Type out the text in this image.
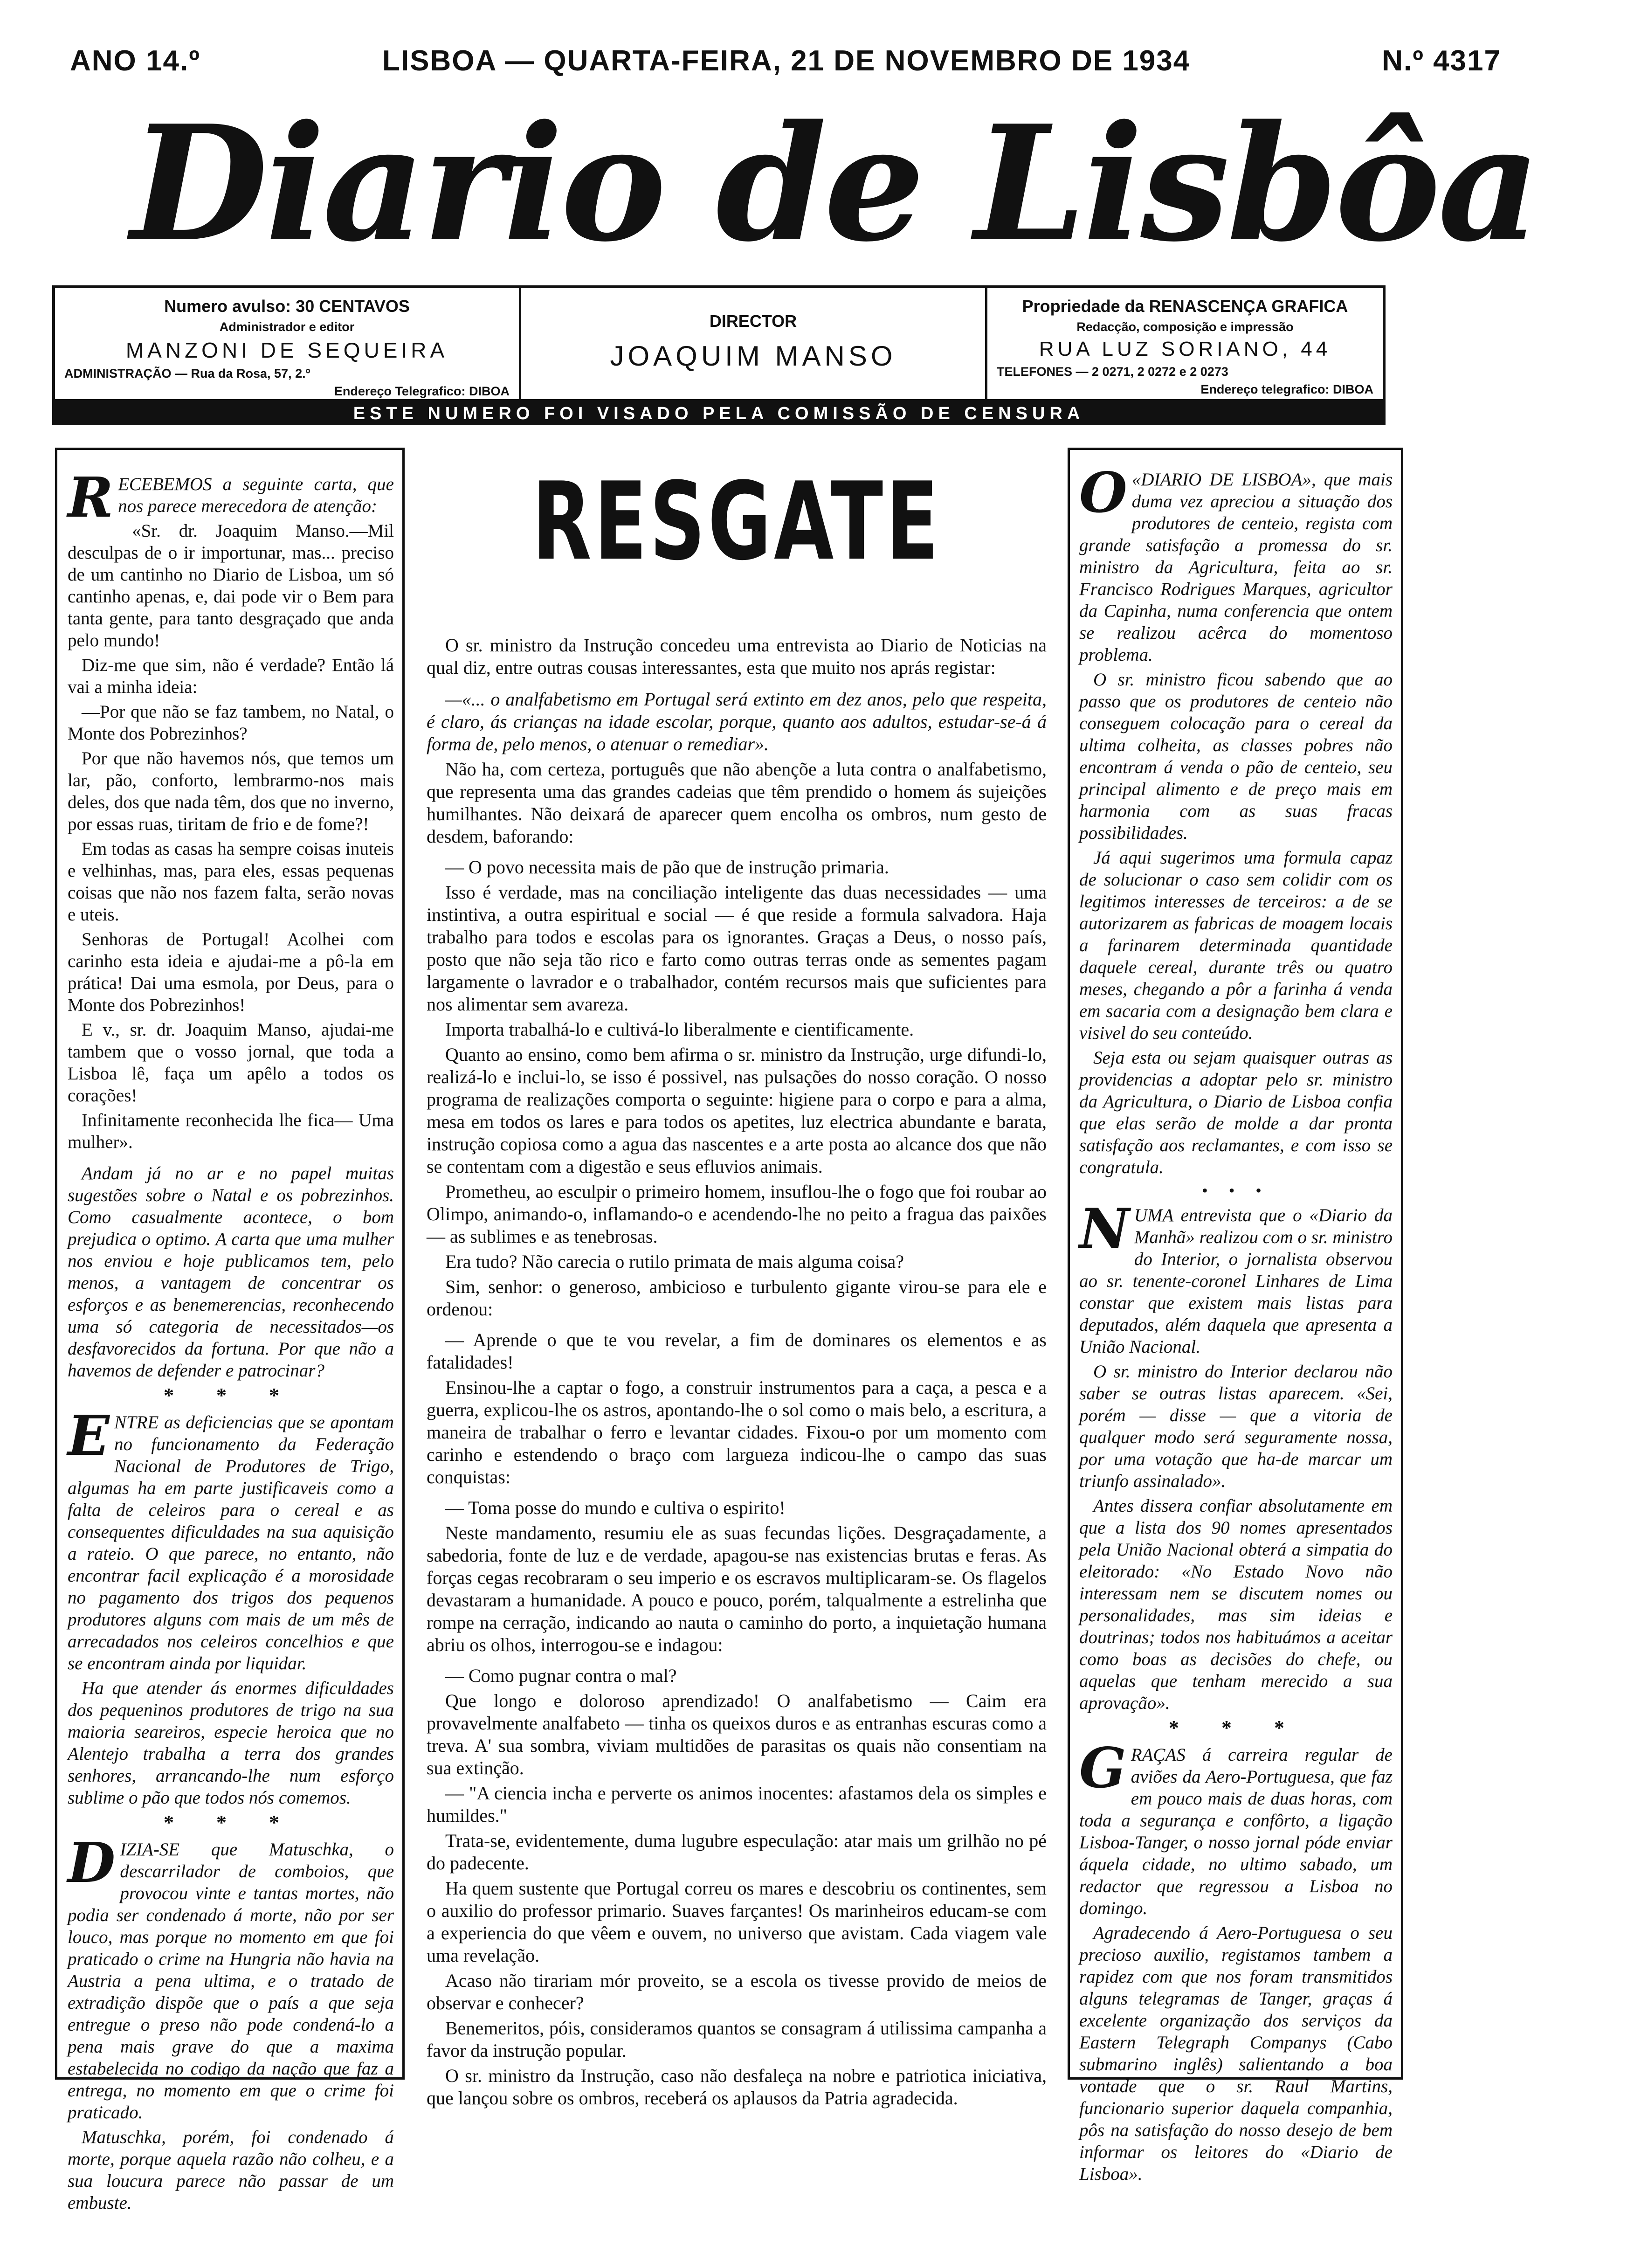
ANO 14.º	LISBOA — QUARTA-FEIRA, 21 DE NOVEMBRO DE 1934	N.º 4317
Diario de Lisbôa
Numero avulso: 30 CENTAVOS
Administrador e editor
MANZONI DE SEQUEIRA
ADMINISTRAÇÃO — Rua da Rosa, 57, 2.º
Endereço Telegrafico: DIBOA
DIRECTOR
JOAQUIM MANSO
Propriedade da RENASCENÇA GRAFICA
Redacção, composição e impressão
RUA LUZ SORIANO, 44
TELEFONES — 2 0271, 2 0272 e 2 0273
Endereço telegrafico: DIBOA
ESTE NUMERO FOI VISADO PELA COMISSÃO DE CENSURA

RECEBEMOS a seguinte carta, que nos parece merecedora de atenção:

«Sr. dr. Joaquim Manso.—Mil desculpas de o ir importunar, mas... preciso de um cantinho no Diario de Lisboa, um só cantinho apenas, e, dai pode vir o Bem para tanta gente, para tanto desgraçado que anda pelo mundo!

Diz-me que sim, não é verdade? Então lá vai a minha ideia:

—Por que não se faz tambem, no Natal, o Monte dos Pobrezinhos?

Por que não havemos nós, que temos um lar, pão, conforto, lembrarmo-nos mais deles, dos que nada têm, dos que no inverno, por essas ruas, tiritam de frio e de fome?!

Em todas as casas ha sempre coisas inuteis e velhinhas, mas, para eles, essas pequenas coisas que não nos fazem falta, serão novas e uteis.

Senhoras de Portugal! Acolhei com carinho esta ideia e ajudai-me a pô-la em prática! Dai uma esmola, por Deus, para o Monte dos Pobrezinhos!

E v., sr. dr. Joaquim Manso, ajudai-me tambem que o vosso jornal, que toda a Lisboa lê, faça um apêlo a todos os corações!

Infinitamente reconhecida lhe fica— Uma mulher».

Andam já no ar e no papel muitas sugestões sobre o Natal e os pobrezinhos. Como casualmente acontece, o bom prejudica o optimo. A carta que uma mulher nos enviou e hoje publicamos tem, pelo menos, a vantagem de concentrar os esforços e as benemerencias, reconhecendo uma só categoria de necessitados—os desfavorecidos da fortuna. Por que não a havemos de defender e patrocinar?

* * *

ENTRE as deficiencias que se apontam no funcionamento da Federação Nacional de Produtores de Trigo, algumas ha em parte justificaveis como a falta de celeiros para o cereal e as consequentes dificuldades na sua aquisição a rateio. O que parece, no entanto, não encontrar facil explicação é a morosidade no pagamento dos trigos dos pequenos produtores alguns com mais de um mês de arrecadados nos celeiros concelhios e que se encontram ainda por liquidar.

Ha que atender ás enormes dificuldades dos pequeninos produtores de trigo na sua maioria seareiros, especie heroica que no Alentejo trabalha a terra dos grandes senhores, arrancando-lhe num esforço sublime o pão que todos nós comemos.

* * *

DIZIA-SE que Matuschka, o descarrilador de comboios, que provocou vinte e tantas mortes, não podia ser condenado á morte, não por ser louco, mas porque no momento em que foi praticado o crime na Hungria não havia na Austria a pena ultima, e o tratado de extradição dispõe que o país a que seja entregue o preso não pode condená-lo a pena mais grave do que a maxima estabelecida no codigo da nação que faz a entrega, no momento em que o crime foi praticado.

Matuschka, porém, foi condenado á morte, porque aquela razão não colheu, e a sua loucura parece não passar de um embuste.

RESGATE

O sr. ministro da Instrução concedeu uma entrevista ao Diario de Noticias na qual diz, entre outras cousas interessantes, esta que muito nos aprás registar:

—«... o analfabetismo em Portugal será extinto em dez anos, pelo que respeita, é claro, ás crianças na idade escolar, porque, quanto aos adultos, estudar-se-á á forma de, pelo menos, o atenuar o remediar».

Não ha, com certeza, português que não abençõe a luta contra o analfabetismo, que representa uma das grandes cadeias que têm prendido o homem ás sujeições humilhantes. Não deixará de aparecer quem encolha os ombros, num gesto de desdem, baforando:

— O povo necessita mais de pão que de instrução primaria.

Isso é verdade, mas na conciliação inteligente das duas necessidades — uma instintiva, a outra espiritual e social — é que reside a formula salvadora. Haja trabalho para todos e escolas para os ignorantes. Graças a Deus, o nosso país, posto que não seja tão rico e farto como outras terras onde as sementes pagam largamente o lavrador e o trabalhador, contém recursos mais que suficientes para nos alimentar sem avareza.

Importa trabalhá-lo e cultivá-lo liberalmente e cientificamente.

Quanto ao ensino, como bem afirma o sr. ministro da Instrução, urge difundi-lo, realizá-lo e inclui-lo, se isso é possivel, nas pulsações do nosso coração. O nosso programa de realizações comporta o seguinte: higiene para o corpo e para a alma, mesa em todos os lares e para todos os apetites, luz electrica abundante e barata, instrução copiosa como a agua das nascentes e a arte posta ao alcance dos que não se contentam com a digestão e seus efluvios animais.

Prometheu, ao esculpir o primeiro homem, insuflou-lhe o fogo que foi roubar ao Olimpo, animando-o, inflamando-o e acendendo-lhe no peito a fragua das paixões — as sublimes e as tenebrosas.

Era tudo? Não carecia o rutilo primata de mais alguma coisa?

Sim, senhor: o generoso, ambicioso e turbulento gigante virou-se para ele e ordenou:

— Aprende o que te vou revelar, a fim de dominares os elementos e as fatalidades!

Ensinou-lhe a captar o fogo, a construir instrumentos para a caça, a pesca e a guerra, explicou-lhe os astros, apontando-lhe o sol como o mais belo, a escritura, a maneira de trabalhar o ferro e levantar cidades. Fixou-o por um momento com carinho e estendendo o braço com largueza indicou-lhe o campo das suas conquistas:

— Toma posse do mundo e cultiva o espirito!

Neste mandamento, resumiu ele as suas fecundas lições. Desgraçadamente, a sabedoria, fonte de luz e de verdade, apagou-se nas existencias brutas e feras. As forças cegas recobraram o seu imperio e os escravos multiplicaram-se. Os flagelos devastaram a humanidade. A pouco e pouco, porém, talqualmente a estrelinha que rompe na cerração, indicando ao nauta o caminho do porto, a inquietação humana abriu os olhos, interrogou-se e indagou:

— Como pugnar contra o mal?

Que longo e doloroso aprendizado! O analfabetismo — Caim era provavelmente analfabeto — tinha os queixos duros e as entranhas escuras como a treva. A' sua sombra, viviam multidões de parasitas os quais não consentiam na sua extinção.

— "A ciencia incha e perverte os animos inocentes: afastamos dela os simples e humildes."

Trata-se, evidentemente, duma lugubre especulação: atar mais um grilhão no pé do padecente.

Ha quem sustente que Portugal correu os mares e descobriu os continentes, sem o auxilio do professor primario. Suaves farçantes! Os marinheiros educam-se com a experiencia do que vêem e ouvem, no universo que avistam. Cada viagem vale uma revelação.

Acaso não tirariam mór proveito, se a escola os tivesse provido de meios de observar e conhecer?

Benemeritos, póis, consideramos quantos se consagram á utilissima campanha a favor da instrução popular.

O sr. ministro da Instrução, caso não desfaleça na nobre e patriotica iniciativa, que lançou sobre os ombros, receberá os aplausos da Patria agradecida.

O «DIARIO DE LISBOA», que mais duma vez apreciou a situação dos produtores de centeio, regista com grande satisfação a promessa do sr. ministro da Agricultura, feita ao sr. Francisco Rodrigues Marques, agricultor da Capinha, numa conferencia que ontem se realizou acêrca do momentoso problema.

O sr. ministro ficou sabendo que ao passo que os produtores de centeio não conseguem colocação para o cereal da ultima colheita, as classes pobres não encontram á venda o pão de centeio, seu principal alimento e de preço mais em harmonia com as suas fracas possibilidades.

Já aqui sugerimos uma formula capaz de solucionar o caso sem colidir com os legitimos interesses de terceiros: a de se autorizarem as fabricas de moagem locais a farinarem determinada quantidade daquele cereal, durante três ou quatro meses, chegando a pôr a farinha á venda em sacaria com a designação bem clara e visivel do seu conteúdo.

Seja esta ou sejam quaisquer outras as providencias a adoptar pelo sr. ministro da Agricultura, o Diario de Lisboa confia que elas serão de molde a dar pronta satisfação aos reclamantes, e com isso se congratula.

• • •

NUMA entrevista que o «Diario da Manhã» realizou com o sr. ministro do Interior, o jornalista observou ao sr. tenente-coronel Linhares de Lima constar que existem mais listas para deputados, além daquela que apresenta a União Nacional.

O sr. ministro do Interior declarou não saber se outras listas aparecem. «Sei, porém — disse — que a vitoria de qualquer modo será seguramente nossa, por uma votação que ha-de marcar um triunfo assinalado».

Antes dissera confiar absolutamente em que a lista dos 90 nomes apresentados pela União Nacional obterá a simpatia do eleitorado: «No Estado Novo não interessam nem se discutem nomes ou personalidades, mas sim ideias e doutrinas; todos nos habituámos a aceitar como boas as decisões do chefe, ou aquelas que tenham merecido a sua aprovação».

* * *

GRAÇAS á carreira regular de aviões da Aero-Portuguesa, que faz em pouco mais de duas horas, com toda a segurança e confôrto, a ligação Lisboa-Tanger, o nosso jornal póde enviar áquela cidade, no ultimo sabado, um redactor que regressou a Lisboa no domingo.

Agradecendo á Aero-Portuguesa o seu precioso auxilio, registamos tambem a rapidez com que nos foram transmitidos alguns telegramas de Tanger, graças á excelente organização dos serviços da Eastern Telegraph Companys (Cabo submarino inglês) salientando a boa vontade que o sr. Raul Martins, funcionario superior daquela companhia, pôs na satisfação do nosso desejo de bem informar os leitores do «Diario de Lisboa».
